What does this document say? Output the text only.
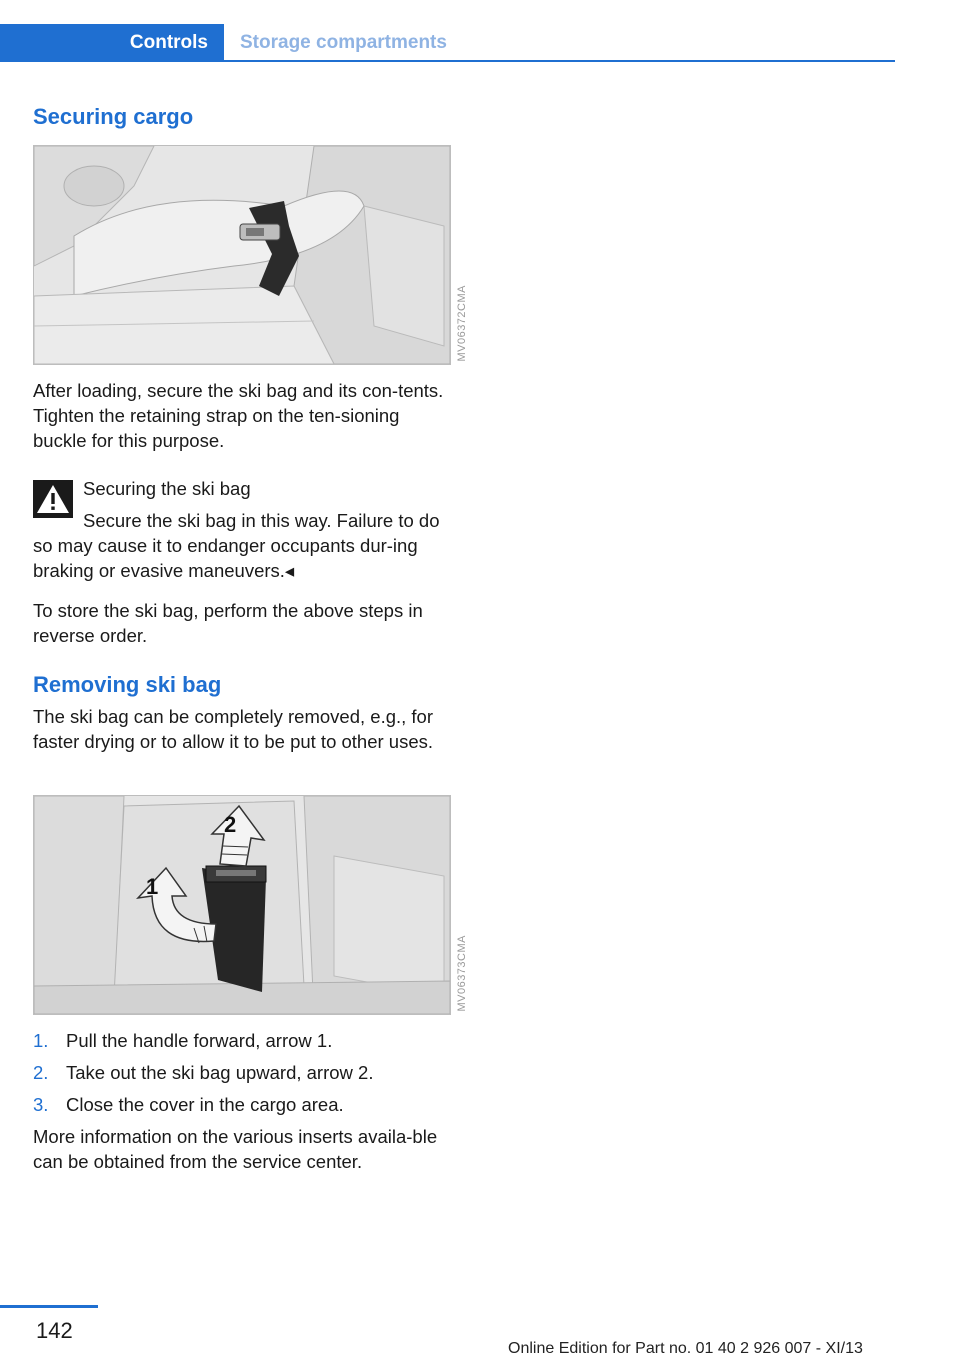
Controls	Storage compartments
Securing cargo
MV06372CMA

After loading, secure the ski bag and its con-tents. Tighten the retaining strap on the ten-sioning buckle for this purpose.

Securing the ski bag
Secure the ski bag in this way. Failure to do so may cause it to endanger occupants dur-ing braking or evasive maneuvers.◂

To store the ski bag, perform the above steps in reverse order.

Removing ski bag

The ski bag can be completely removed, e.g., for faster drying or to allow it to be put to other uses.

2
1
MV06373CMA
1. Pull the handle forward, arrow 1.
2. Take out the ski bag upward, arrow 2.
3. Close the cover in the cargo area.

More information on the various inserts availa-ble can be obtained from the service center.

142
Online Edition for Part no. 01 40 2 926 007 - XI/13
